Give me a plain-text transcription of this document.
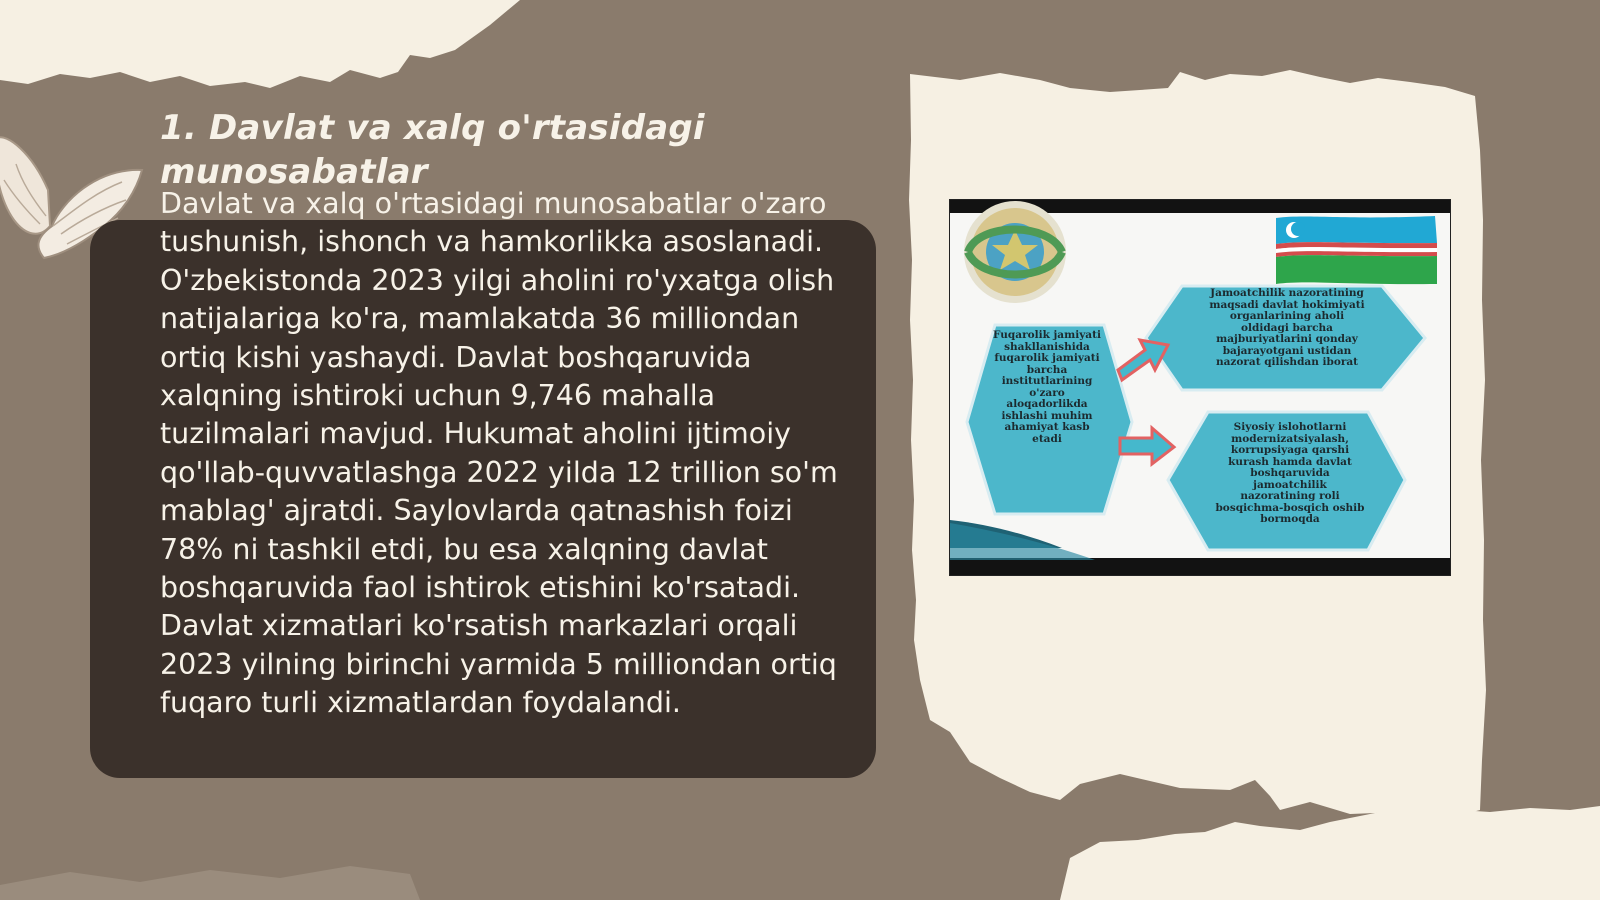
1. Davlat va xalq o'rtasidagi munosabatlar

Davlat va xalq o'rtasidagi munosabatlar o'zaro tushunish, ishonch va hamkorlikka asoslanadi. O'zbekistonda 2023 yilgi aholini ro'yxatga olish natijalariga ko'ra, mamlakatda 36 milliondan ortiq kishi yashaydi. Davlat boshqaruvida xalqning ishtiroki uchun 9,746 mahalla tuzilmalari mavjud. Hukumat aholini ijtimoiy qo'llab-quvvatlashga 2022 yilda 12 trillion so'm mablag' ajratdi. Saylovlarda qatnashish foizi 78% ni tashkil etdi, bu esa xalqning davlat boshqaruvida faol ishtirok etishini ko'rsatadi. Davlat xizmatlari ko'rsatish markazlari orqali 2023 yilning birinchi yarmida 5 milliondan ortiq fuqaro turli xizmatlardan foydalandi.

Fuqarolik jamiyati shakllanishida fuqarolik jamiyati barcha institutlarining o'zaro aloqadorlikda ishlashi muhim ahamiyat kasb etadi
Jamoatchilik nazoratining maqsadi davlat hokimiyati organlarining aholi oldidagi barcha majburiyatlarini qonday bajarayotgani ustidan nazorat qilishdan iborat
Siyosiy islohotlarni modernizatsiyalash, korrupsiyaga qarshi kurash hamda davlat boshqaruvida jamoatchilik nazoratining roli bosqichma-bosqich oshib bormoqda
